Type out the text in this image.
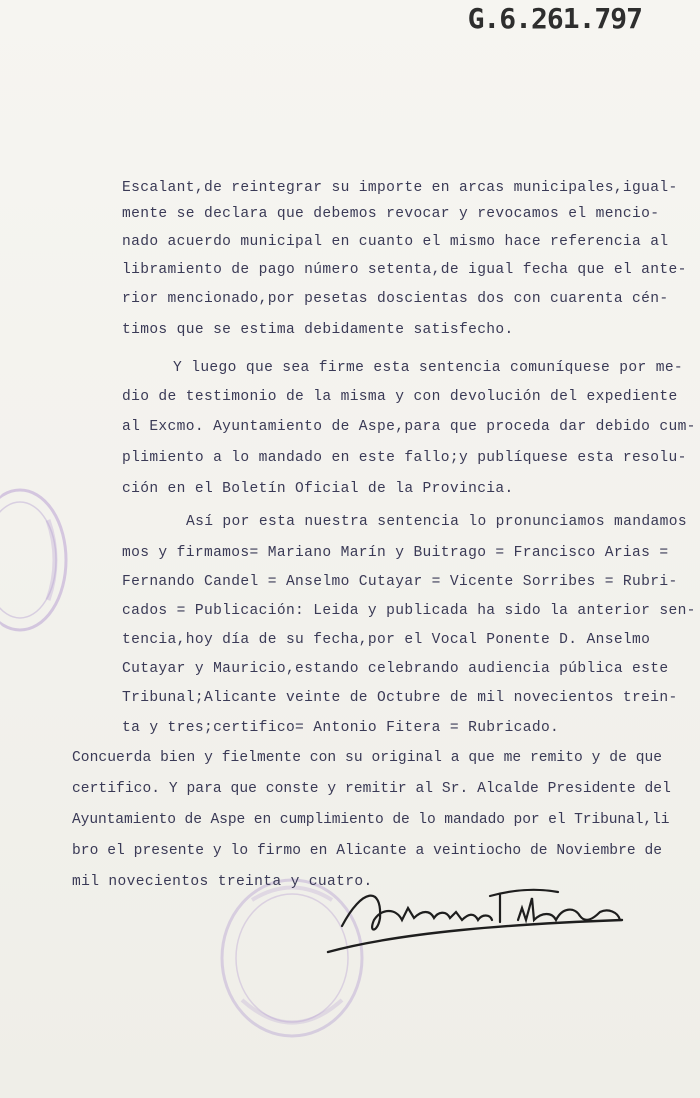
G.6.261.797
Escalant,de reintegrar su importe en arcas municipales,igual-
mente se declara que debemos revocar y revocamos el mencio-
nado acuerdo municipal en cuanto el mismo hace referencia al
libramiento de pago número setenta,de igual fecha que el ante-
rior mencionado,por pesetas doscientas dos con cuarenta cén-
timos que se estima debidamente satisfecho.
Y luego que sea firme esta sentencia comuníquese por me-
dio de testimonio de la misma y con devolución del expediente
al Excmo. Ayuntamiento de Aspe,para que proceda dar debido cum-
plimiento a lo mandado en este fallo;y publíquese esta resolu-
ción en el Boletín Oficial de la Provincia.
Así por esta nuestra sentencia lo pronunciamos mandamos
mos y firmamos= Mariano Marín y Buitrago = Francisco Arias =
Fernando Candel = Anselmo Cutayar = Vicente Sorribes = Rubri-
cados = Publicación: Leida y publicada ha sido la anterior sen-
tencia,hoy día de su fecha,por el Vocal Ponente D. Anselmo
Cutayar y Mauricio,estando celebrando audiencia pública este
Tribunal;Alicante veinte de Octubre de mil novecientos trein-
ta y tres;certifico= Antonio Fitera = Rubricado.
Concuerda bien y fielmente con su original a que me remito y de que
certifico. Y para que conste y remitir al Sr. Alcalde Presidente del
Ayuntamiento de Aspe en cumplimiento de lo mandado por el Tribunal,li
bro el presente y lo firmo en Alicante a veintiocho de Noviembre de
mil novecientos treinta y cuatro.
